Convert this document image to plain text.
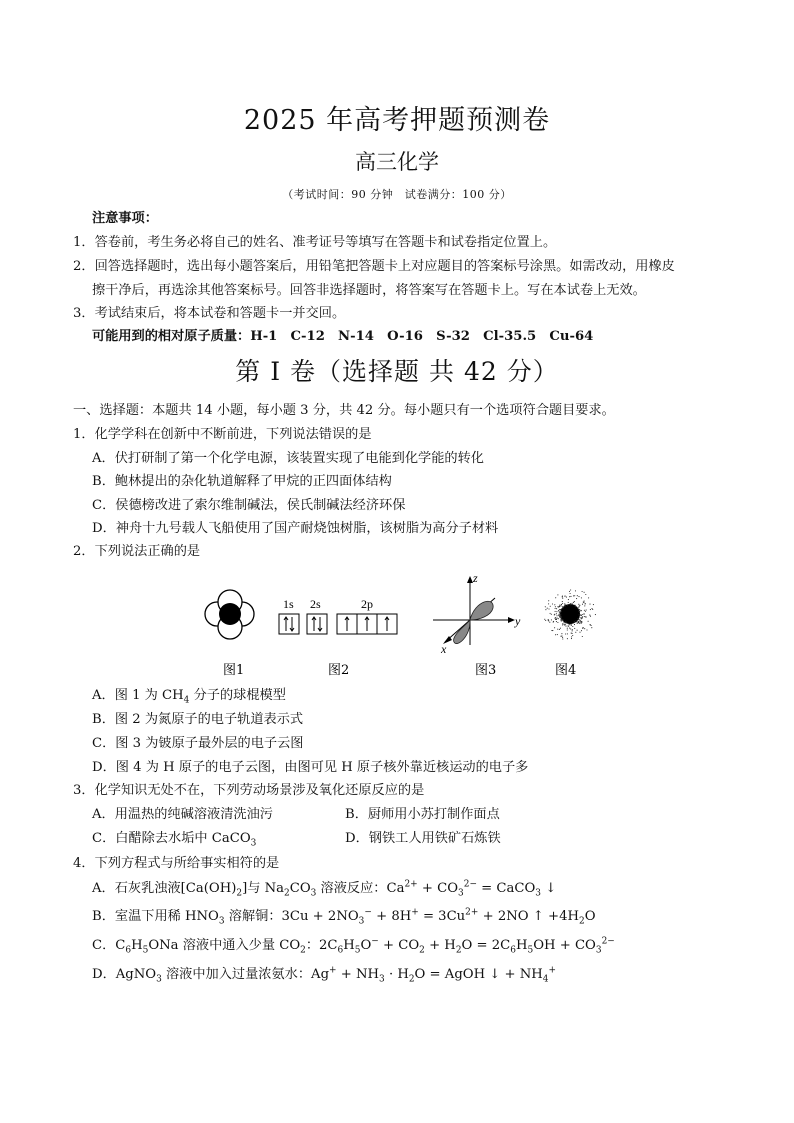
2025 年高考押题预测卷
高三化学
（考试时间：90 分钟　试卷满分：100 分）
注意事项：
1．答卷前，考生务必将自己的姓名、准考证号等填写在答题卡和试卷指定位置上。
2．回答选择题时，选出每小题答案后，用铅笔把答题卡上对应题目的答案标号涂黑。如需改动，用橡皮
擦干净后，再选涂其他答案标号。回答非选择题时，将答案写在答题卡上。写在本试卷上无效。
3．考试结束后，将本试卷和答题卡一并交回。
可能用到的相对原子质量：H-1　C-12　N-14　O-16　S-32　Cl-35.5　Cu-64
第 I 卷（选择题 共 42 分）
一、选择题：本题共 14 小题，每小题 3 分，共 42 分。每小题只有一个选项符合题目要求。
1．化学学科在创新中不断前进，下列说法错误的是
A．伏打研制了第一个化学电源，该装置实现了电能到化学能的转化
B．鲍林提出的杂化轨道解释了甲烷的正四面体结构
C．侯德榜改进了索尔维制碱法，侯氏制碱法经济环保
D．神舟十九号载人飞船使用了国产耐烧蚀树脂，该树脂为高分子材料
2．下列说法正确的是
图1
1s 2s	2p
图2
z
y
x
图3	图4
A．图 1 为 $CH_4$ 分子的球棍模型
B．图 2 为氮原子的电子轨道表示式
C．图 3 为铍原子最外层的电子云图
D．图 4 为 H 原子的电子云图，由图可见 H 原子核外靠近核运动的电子多
3．化学知识无处不在，下列劳动场景涉及氧化还原反应的是
A．用温热的纯碱溶液清洗油污	B．厨师用小苏打制作面点
C．白醋除去水垢中 CaCO$_3$	D．钢铁工人用铁矿石炼铁
4．下列方程式与所给事实相符的是
A．石灰乳浊液$[Ca(OH)_2]$与 $Na_2CO_3$ 溶液反应：$Ca^{2+} + CO_3^{2-}$ = CaCO$_3$ ↓
B．室温下用稀 $HNO_3$ 溶解铜：$3Cu + 2NO_3^- + 8H^+ = 3Cu^{2+} + 2NO$ ↑ $+4H_2O$
C．$C_6H_5ONa$ 溶液中通入少量 $CO_2$：$2C_6H_5O^- + CO_2 + H_2O = 2C_6H_5OH + CO_3^{2-}$
D．AgNO$_3$ 溶液中加入过量浓氨水：$Ag^+ + NH_3 \cdot H_2O$ = AgOH ↓ + $NH_4^+$
